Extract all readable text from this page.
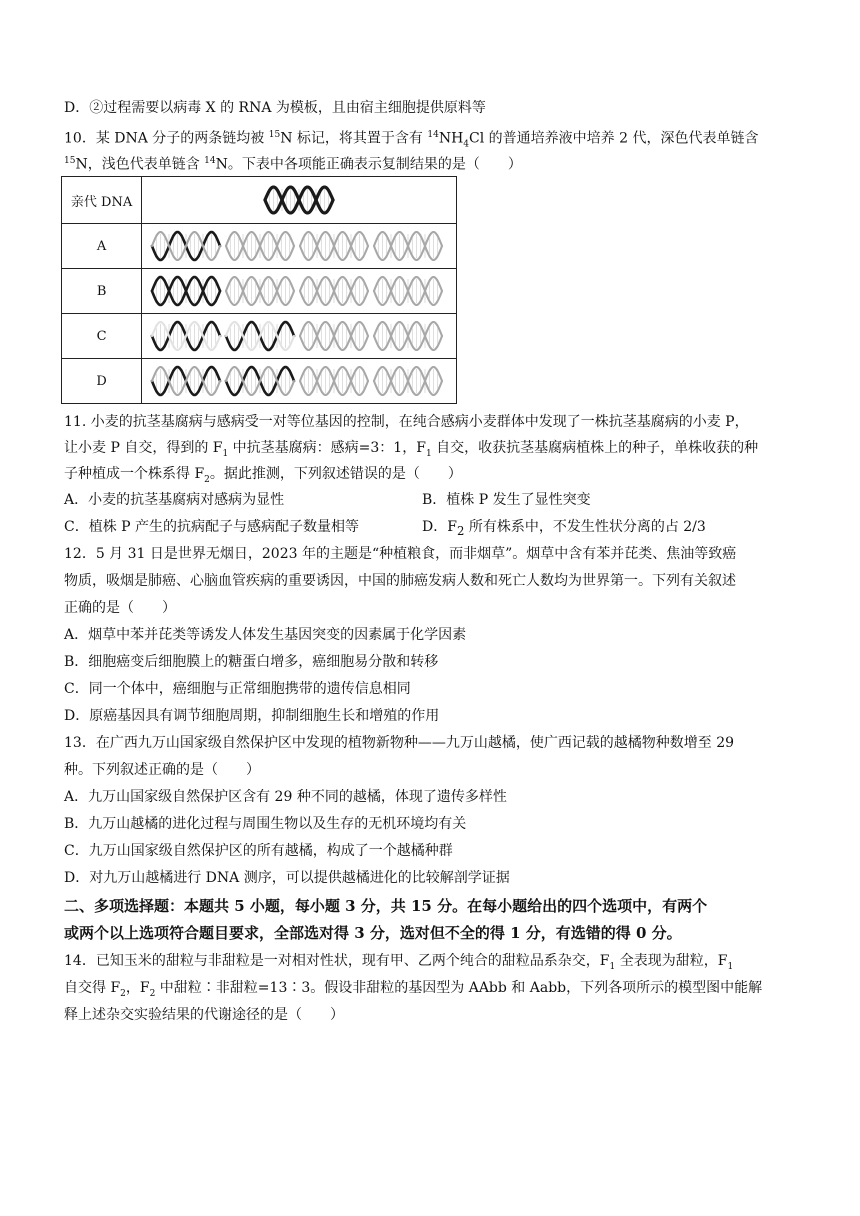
D．②过程需要以病毒 X 的 RNA 为模板，且由宿主细胞提供原料等
10．某 DNA 分子的两条链均被 $^{15}$N 标记，将其置于含有 $^{14}NH_4Cl$ 的普通培养液中培养 2 代，深色代表单链含
$^{15}$N，浅色代表单链含 $^{14}$N。下表中各项能正确表示复制结果的是（　　）
亲代 DNA	

A	

B	

C	

D	
11. 小麦的抗茎基腐病与感病受一对等位基因的控制，在纯合感病小麦群体中发现了一株抗茎基腐病的小麦 P，
让小麦 P 自交，得到的 $F_1$ 中抗茎基腐病：感病=3：1，$F_1$ 自交，收获抗茎基腐病植株上的种子，单株收获的种
子种植成一个株系得 $F_2$。据此推测，下列叙述错误的是（　　）
A．小麦的抗茎基腐病对感病为显性	B．植株 P 发生了显性突变
C．植株 P 产生的抗病配子与感病配子数量相等	D．$F_2$ 所有株系中，不发生性状分离的占 2/3
12．5 月 31 日是世界无烟日，2023 年的主题是“种植粮食，而非烟草”。烟草中含有苯并芘类、焦油等致癌
物质，吸烟是肺癌、心脑血管疾病的重要诱因，中国的肺癌发病人数和死亡人数均为世界第一。下列有关叙述
正确的是（　　）
A．烟草中苯并芘类等诱发人体发生基因突变的因素属于化学因素
B．细胞癌变后细胞膜上的糖蛋白增多，癌细胞易分散和转移
C．同一个体中，癌细胞与正常细胞携带的遗传信息相同
D．原癌基因具有调节细胞周期，抑制细胞生长和增殖的作用
13．在广西九万山国家级自然保护区中发现的植物新物种——九万山越橘，使广西记载的越橘物种数增至 29
种。下列叙述正确的是（　　）
A．九万山国家级自然保护区含有 29 种不同的越橘，体现了遗传多样性
B．九万山越橘的进化过程与周围生物以及生存的无机环境均有关
C．九万山国家级自然保护区的所有越橘，构成了一个越橘种群
D．对九万山越橘进行 DNA 测序，可以提供越橘进化的比较解剖学证据
二、多项选择题：本题共 5 小题，每小题 3 分，共 15 分。在每小题给出的四个选项中，有两个
或两个以上选项符合题目要求，全部选对得 3 分，选对但不全的得 1 分，有选错的得 0 分。
14．已知玉米的甜粒与非甜粒是一对相对性状，现有甲、乙两个纯合的甜粒品系杂交，$F_1$ 全表现为甜粒，$F_1$
自交得 $F_2$，$F_2$ 中甜粒∶非甜粒=13∶3。假设非甜粒的基因型为 AAbb 和 Aabb，下列各项所示的模型图中能解
释上述杂交实验结果的代谢途径的是（　　）
